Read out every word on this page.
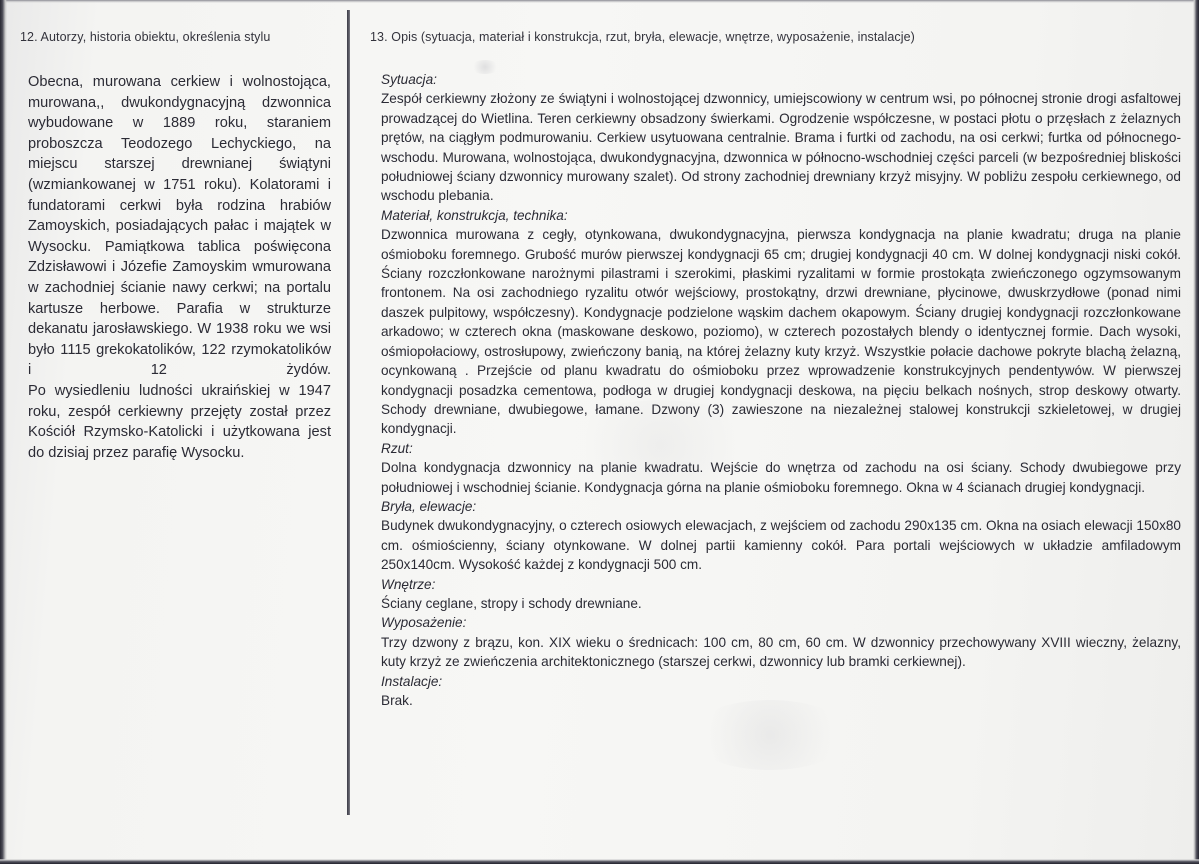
12. Autorzy, historia obiektu, określenia stylu	13. Opis (sytuacja, materiał i konstrukcja, rzut, bryła, elewacje, wnętrze, wyposażenie, instalacje)

Obecna, murowana cerkiew i wolnostojąca, murowana,, dwukondygnacyjną dzwonnica wybudowane w 1889 roku, staraniem proboszcza Teodozego Lechyckiego, na miejscu starszej drewnianej świątyni (wzmiankowanej w 1751 roku). Kolatorami i fundatorami cerkwi była rodzina hrabiów Zamoyskich, posiadających pałac i majątek w Wysocku. Pamiątkowa tablica poświęcona Zdzisławowi i Józefie Zamoyskim wmurowana w zachodniej ścianie nawy cerkwi; na portalu kartusze herbowe. Parafia w strukturze dekanatu jarosławskiego. W 1938 roku we wsi było 1115 grekokatolików, 122 rzymokatolików i 12 żydów.

Po wysiedleniu ludności ukraińskiej w 1947 roku, zespół cerkiewny przejęty został przez Kościół Rzymsko-Katolicki i użytkowana jest do dzisiaj przez parafię Wysocku.

Sytuacja:

Zespół cerkiewny złożony ze świątyni i wolnostojącej dzwonnicy, umiejscowiony w centrum wsi, po północnej stronie drogi asfaltowej prowadzącej do Wietlina. Teren cerkiewny obsadzony świerkami. Ogrodzenie współczesne, w postaci płotu o przęsłach z żelaznych prętów, na ciągłym podmurowaniu. Cerkiew usytuowana centralnie. Brama i furtki od zachodu, na osi cerkwi; furtka od północnego-wschodu. Murowana, wolnostojąca, dwukondygnacyjna, dzwonnica w północno-wschodniej części parceli (w bezpośredniej bliskości południowej ściany dzwonnicy murowany szalet). Od strony zachodniej drewniany krzyż misyjny. W pobliżu zespołu cerkiewnego, od wschodu plebania.

Materiał, konstrukcja, technika:

Dzwonnica murowana z cegły, otynkowana, dwukondygnacyjna, pierwsza kondygnacja na planie kwadratu; druga na planie ośmioboku foremnego. Grubość murów pierwszej kondygnacji 65 cm; drugiej kondygnacji 40 cm. W dolnej kondygnacji niski cokół. Ściany rozczłonkowane narożnymi pilastrami i szerokimi, płaskimi ryzalitami w formie prostokąta zwieńczonego ogzymsowanym frontonem. Na osi zachodniego ryzalitu otwór wejściowy, prostokątny, drzwi drewniane, płycinowe, dwuskrzydłowe (ponad nimi daszek pulpitowy, współczesny). Kondygnacje podzielone wąskim dachem okapowym. Ściany drugiej kondygnacji rozczłonkowane arkadowo; w czterech okna (maskowane deskowo, poziomo), w czterech pozostałych blendy o identycznej formie. Dach wysoki, ośmiopołaciowy, ostrosłupowy, zwieńczony banią, na której żelazny kuty krzyż. Wszystkie połacie dachowe pokryte blachą żelazną, ocynkowaną . Przejście od planu kwadratu do ośmioboku przez wprowadzenie konstrukcyjnych pendentywów. W pierwszej kondygnacji posadzka cementowa, podłoga w drugiej kondygnacji deskowa, na pięciu belkach nośnych, strop deskowy otwarty. Schody drewniane, dwubiegowe, łamane. Dzwony (3) zawieszone na niezależnej stalowej konstrukcji szkieletowej, w drugiej kondygnacji.

Rzut:

Dolna kondygnacja dzwonnicy na planie kwadratu. Wejście do wnętrza od zachodu na osi ściany. Schody dwubiegowe przy południowej i wschodniej ścianie. Kondygnacja górna na planie ośmioboku foremnego. Okna w 4 ścianach drugiej kondygnacji.

Bryła, elewacje:

Budynek dwukondygnacyjny, o czterech osiowych elewacjach, z wejściem od zachodu 290x135 cm. Okna na osiach elewacji 150x80 cm. ośmiościenny, ściany otynkowane. W dolnej partii kamienny cokół. Para portali wejściowych w układzie amfiladowym 250x140cm. Wysokość każdej z kondygnacji 500 cm.

Wnętrze:

Ściany ceglane, stropy i schody drewniane.

Wyposażenie:

Trzy dzwony z brązu, kon. XIX wieku o średnicach: 100 cm, 80 cm, 60 cm. W dzwonnicy przechowywany XVIII wieczny, żelazny, kuty krzyż ze zwieńczenia architektonicznego (starszej cerkwi, dzwonnicy lub bramki cerkiewnej).

Instalacje:

Brak.
